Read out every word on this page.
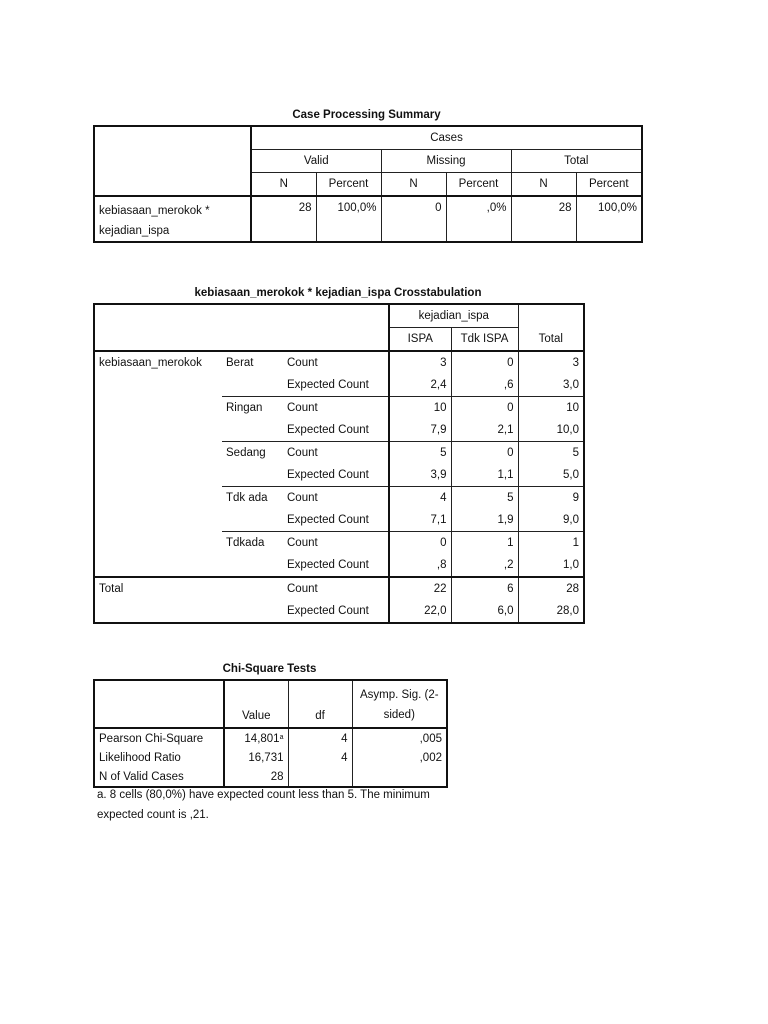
Case Processing Summary
	Cases					
	Valid		Missing		Total	
	N	Percent	N	Percent	N	Percent

kebiasaan_merokok *
kejadian_ispa	28	100,0%	0	,0%	28	100,0%
kebiasaan_merokok * kejadian_ispa Crosstabulation
			kejadian_ispa		
			ISPA	Tdk ISPA	Total
kebiasaan_merokok	Berat	Count	3	0	3
		Expected Count	2,4	,6	3,0
	Ringan	Count	10	0	10
		Expected Count	7,9	2,1	10,0
	Sedang	Count	5	0	5
		Expected Count	3,9	1,1	5,0
	Tdk ada	Count	4	5	9
		Expected Count	7,1	1,9	9,0
	Tdkada	Count	0	1	1
		Expected Count	,8	,2	1,0
Total		Count	22	6	28
		Expected Count	22,0	6,0	28,0
Chi-Square Tests
	Value	df	Asymp. Sig. (2-
sided)

Pearson Chi-Square	14,801$^a$	4	,005
Likelihood Ratio	16,731	4	,002
N of Valid Cases	28		
a. 8 cells (80,0%) have expected count less than 5. The minimum
expected count is ,21.
